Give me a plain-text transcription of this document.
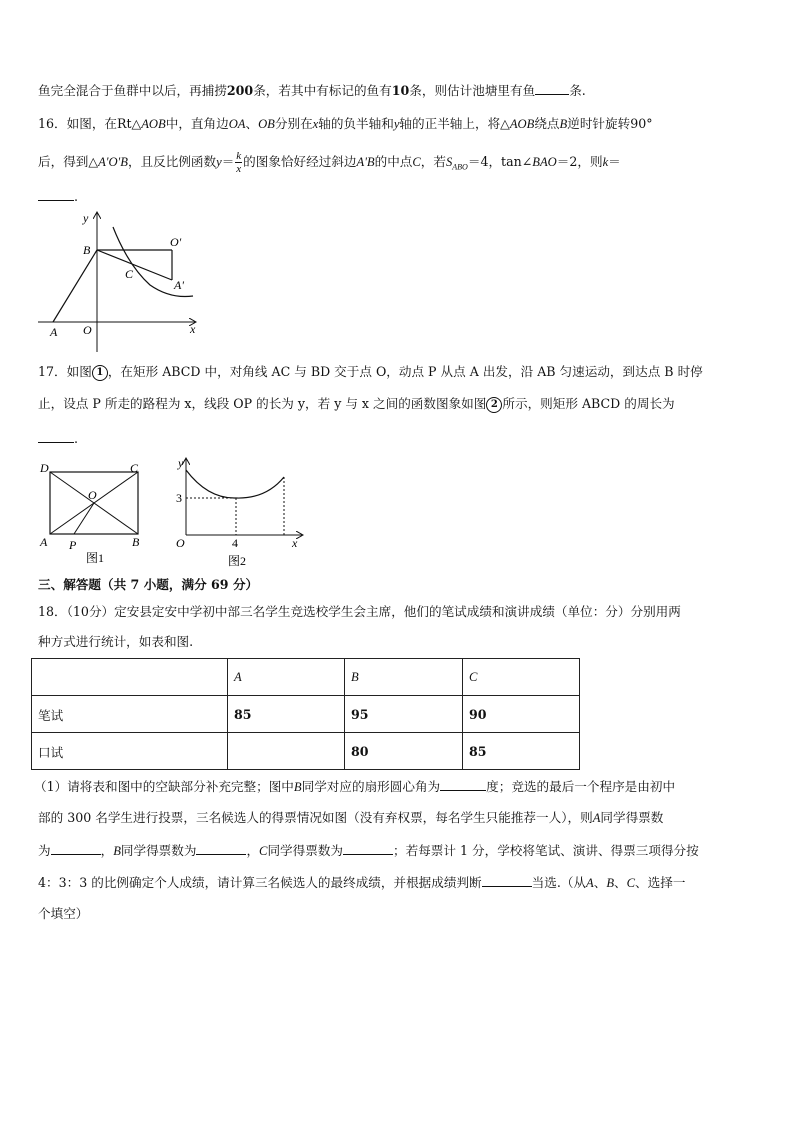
鱼完全混合于鱼群中以后，再捕捞200条，若其中有标记的鱼有10条，则估计池塘里有鱼	条.
16．如图，在Rt△AOB中，直角边OA、OB分别在x轴的负半轴和y轴的正半轴上，将△AOB绕点B逆时针旋转90°
后，得到△A'O'B，且反比例函数$y= \frac{k}{x}$ 的图象恰好经过斜边A'B的中点C，若$S_{ABO}=4$，tan∠BAO＝2，则k＝
.
y
x
B
O'
C
A'
A O
17．如图 1 ，在矩形 ABCD 中，对角线 AC 与 BD 交于点 O，动点 P 从点 A 出发，沿 AB 匀速运动，到达点 B 时停
止，设点 P 所走的路程为 x，线段 OP 的长为 y，若 y 与 x 之间的函数图象如图 2 所示，则矩形 ABCD 的周长为
.
D	C
O
A P	B
图1
y
3
O	4	x
图2
三、解答题（共 7 小题，满分 69 分）
18．（10分）定安县定安中学初中部三名学生竞选校学生会主席，他们的笔试成绩和演讲成绩（单位：分）分别用两
种方式进行统计，如表和图.
	A	B	C
笔试	85	95	90
口试		80	85
（1）请将表和图中的空缺部分补充完整；图中B同学对应的扇形圆心角为	度；竞选的最后一个程序是由初中
部的 300 名学生进行投票，三名候选人的得票情况如图（没有弃权票，每名学生只能推荐一人），则A同学得票数
为	，B同学得票数为	，C同学得票数为	；若每票计 1 分，学校将笔试、演讲、得票三项得分按
4：3：3 的比例确定个人成绩，请计算三名候选人的最终成绩，并根据成绩判断	当选.（从A、B、C、选择一
个填空）
